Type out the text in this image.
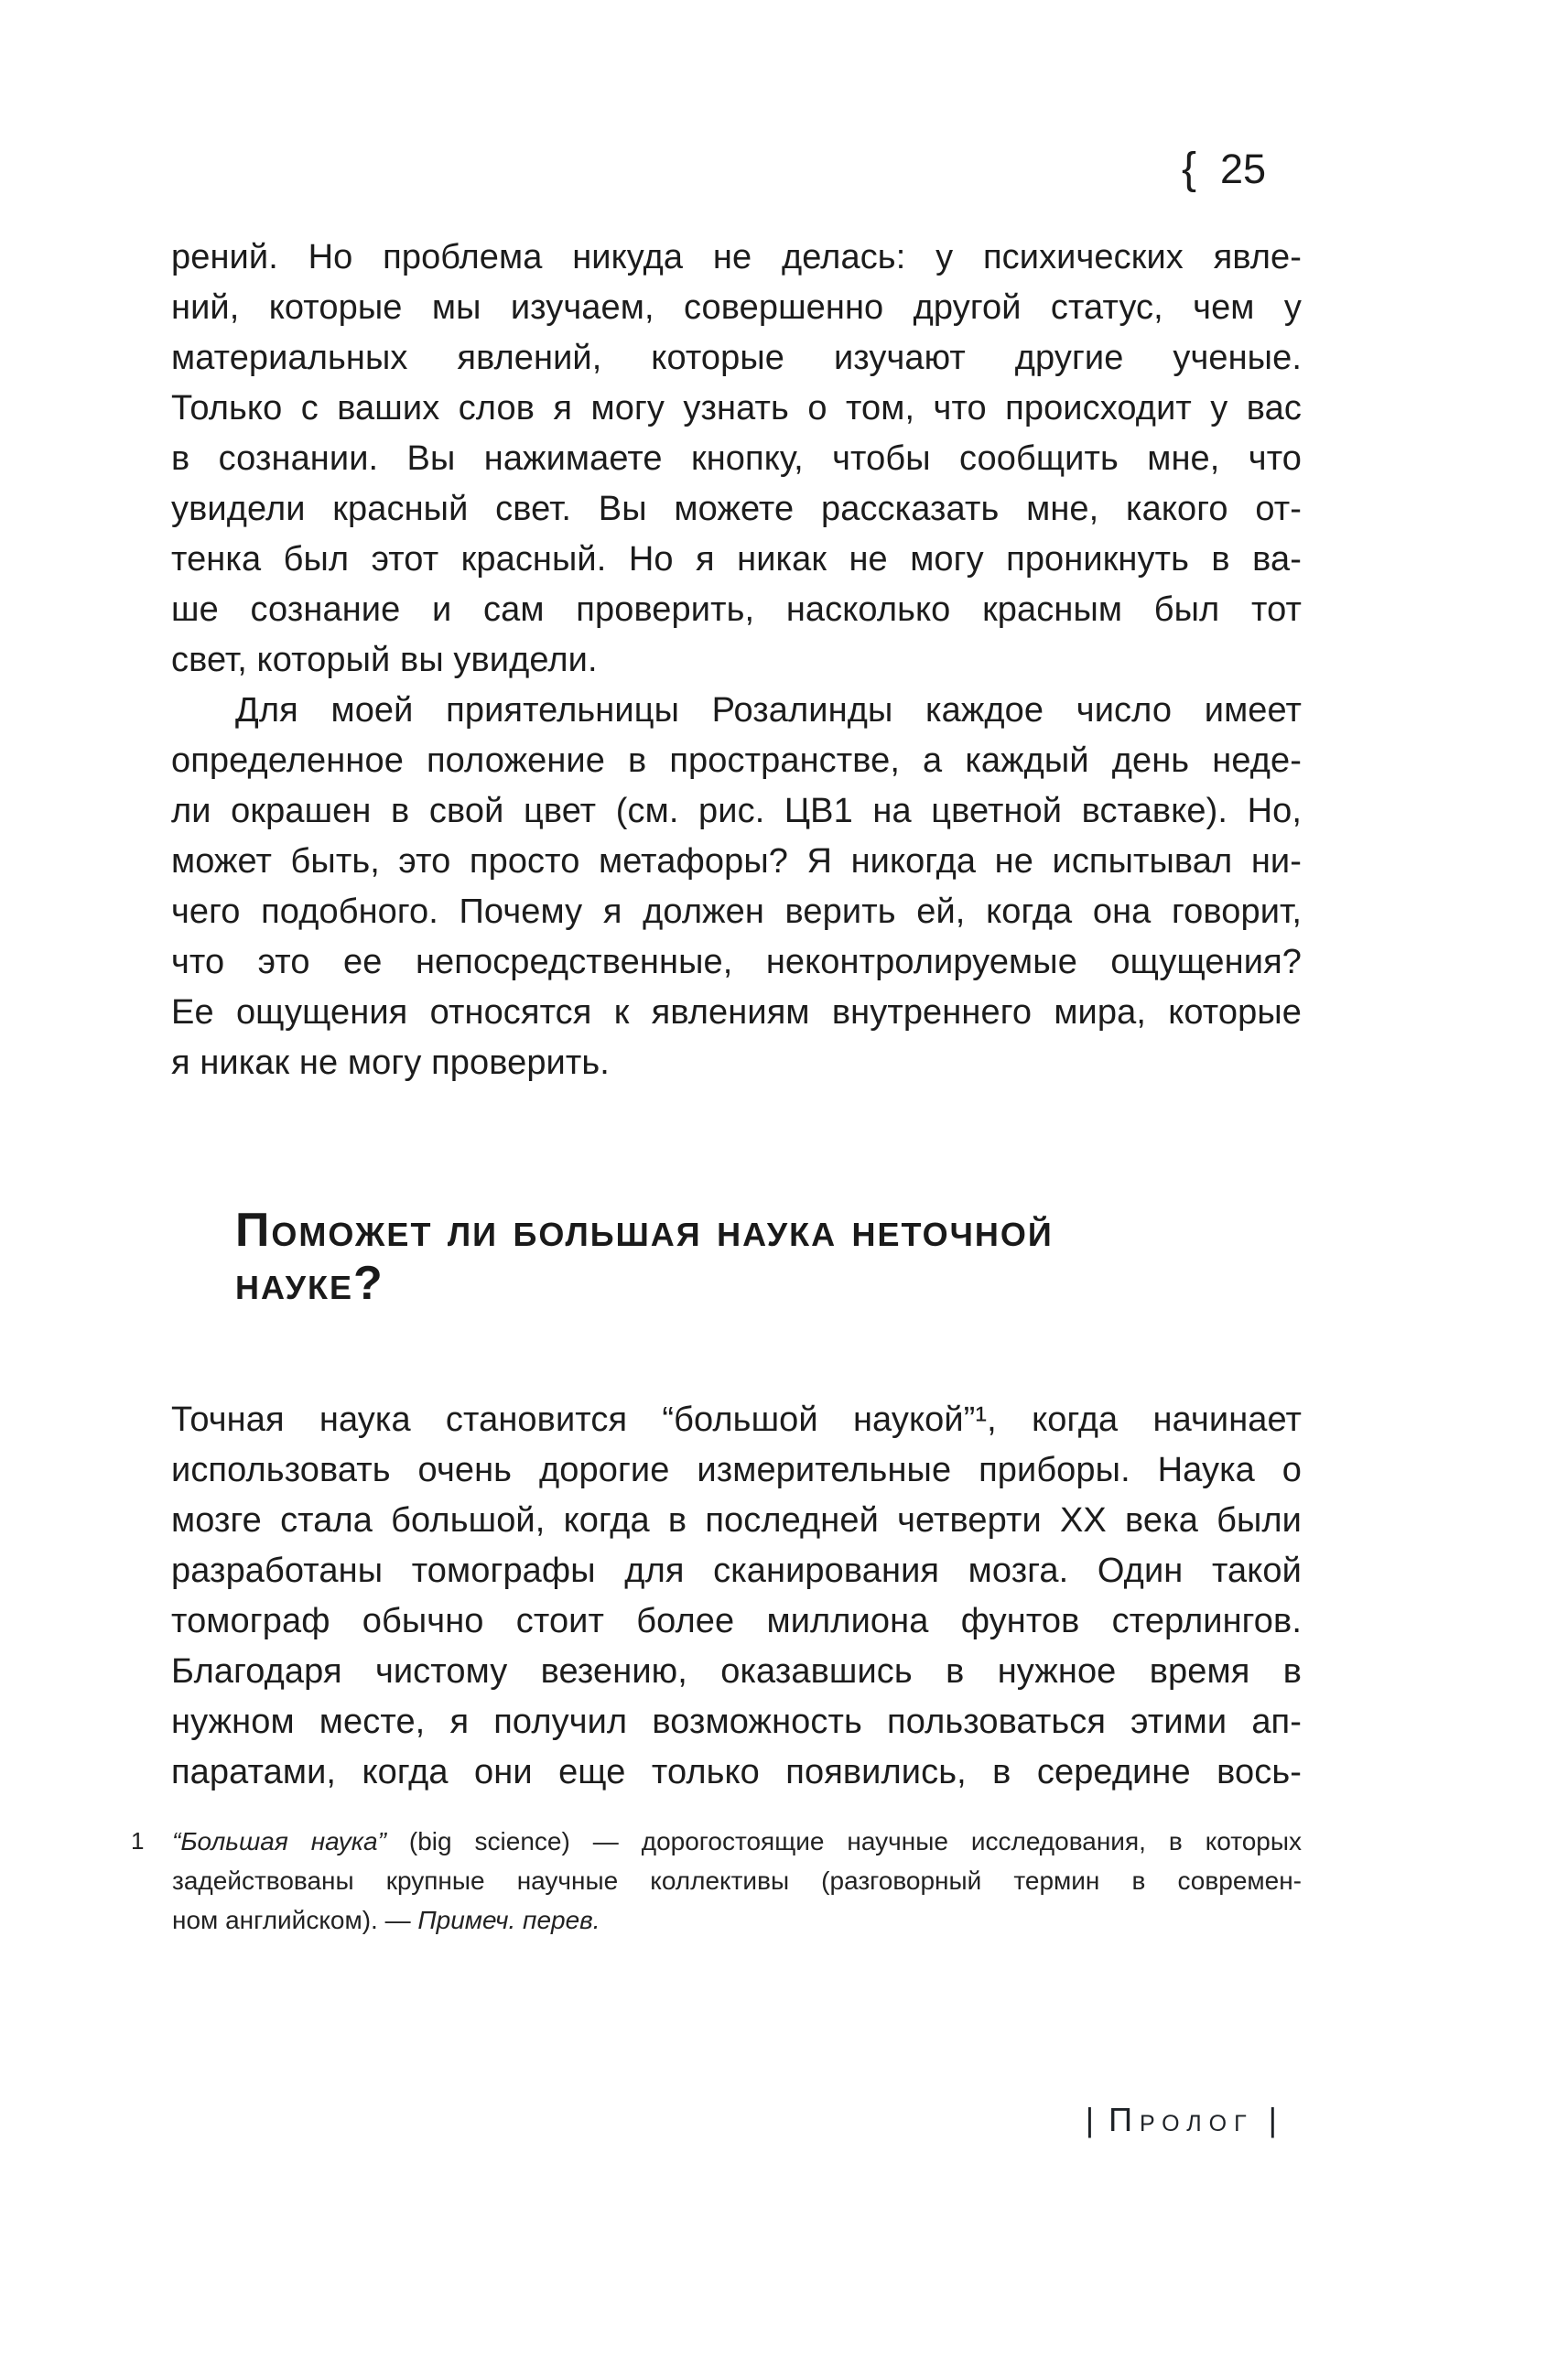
{ 25
рений. Но проблема никуда не делась: у психических явле-
ний, которые мы изучаем, совершенно другой статус, чем у
материальных явлений, которые изучают другие ученые.
Только с ваших слов я могу узнать о том, что происходит у вас
в сознании. Вы нажимаете кнопку, чтобы сообщить мне, что
увидели красный свет. Вы можете рассказать мне, какого от-
тенка был этот красный. Но я никак не могу проникнуть в ва-
ше сознание и сам проверить, насколько красным был тот
свет, который вы увидели.
Для моей приятельницы Розалинды каждое число имеет
определенное положение в пространстве, а каждый день неде-
ли окрашен в свой цвет (см. рис. ЦВ1 на цветной вставке). Но,
может быть, это просто метафоры? Я никогда не испытывал ни-
чего подобного. Почему я должен верить ей, когда она говорит,
что это ее непосредственные, неконтролируемые ощущения?
Ее ощущения относятся к явлениям внутреннего мира, которые
я никак не могу проверить.
Поможет ли большая наука неточной
науке?
Точная наука становится “большой наукой”¹, когда начинает
использовать очень дорогие измерительные приборы. Наука о
мозге стала большой, когда в последней четверти XX века были
разработаны томографы для сканирования мозга. Один такой
томограф обычно стоит более миллиона фунтов стерлингов.
Благодаря чистому везению, оказавшись в нужное время в
нужном месте, я получил возможность пользоваться этими ап-
паратами, когда они еще только появились, в середине вось-
1	“Большая наука” (big science) — дорогостоящие научные исследования, в которых
задействованы крупные научные коллективы (разговорный термин в современ-
ном английском). — Примеч. перев.
| Пролог |
